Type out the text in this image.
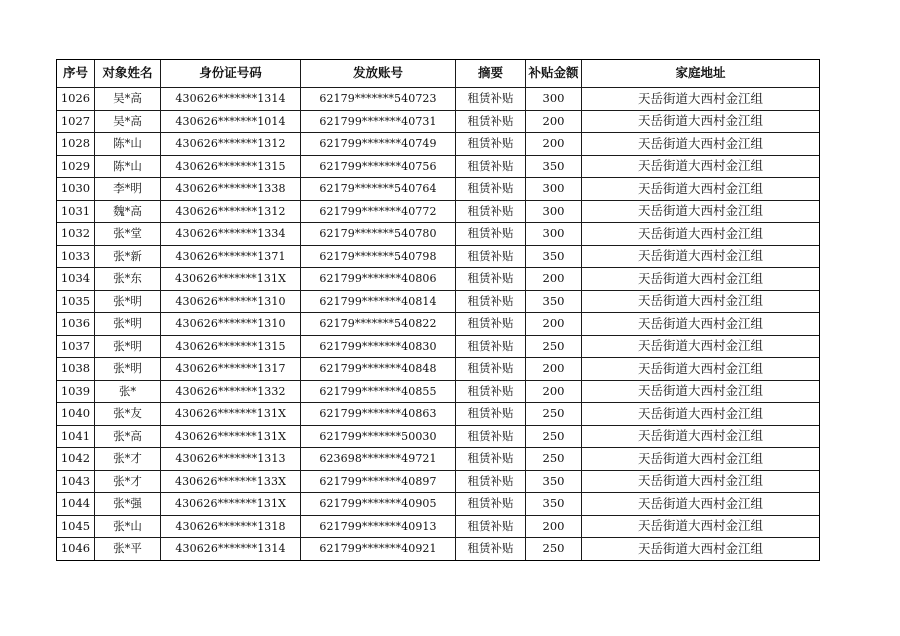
序号	对象姓名	身份证号码	发放账号	摘要	补贴金额	家庭地址
1026	吴*高	430626*******1314	62179*******540723	租赁补贴	300	天岳街道大西村金江组
1027	吴*高	430626*******1014	621799*******40731	租赁补贴	200	天岳街道大西村金江组
1028	陈*山	430626*******1312	621799*******40749	租赁补贴	200	天岳街道大西村金江组
1029	陈*山	430626*******1315	621799*******40756	租赁补贴	350	天岳街道大西村金江组
1030	李*明	430626*******1338	62179*******540764	租赁补贴	300	天岳街道大西村金江组
1031	魏*高	430626*******1312	621799*******40772	租赁补贴	300	天岳街道大西村金江组
1032	张*堂	430626*******1334	62179*******540780	租赁补贴	300	天岳街道大西村金江组
1033	张*新	430626*******1371	62179*******540798	租赁补贴	350	天岳街道大西村金江组
1034	张*东	430626*******131X	621799*******40806	租赁补贴	200	天岳街道大西村金江组
1035	张*明	430626*******1310	621799*******40814	租赁补贴	350	天岳街道大西村金江组
1036	张*明	430626*******1310	62179*******540822	租赁补贴	200	天岳街道大西村金江组
1037	张*明	430626*******1315	621799*******40830	租赁补贴	250	天岳街道大西村金江组
1038	张*明	430626*******1317	621799*******40848	租赁补贴	200	天岳街道大西村金江组
1039	张*	430626*******1332	621799*******40855	租赁补贴	200	天岳街道大西村金江组
1040	张*友	430626*******131X	621799*******40863	租赁补贴	250	天岳街道大西村金江组
1041	张*高	430626*******131X	621799*******50030	租赁补贴	250	天岳街道大西村金江组
1042	张*才	430626*******1313	623698*******49721	租赁补贴	250	天岳街道大西村金江组
1043	张*才	430626*******133X	621799*******40897	租赁补贴	350	天岳街道大西村金江组
1044	张*强	430626*******131X	621799*******40905	租赁补贴	350	天岳街道大西村金江组
1045	张*山	430626*******1318	621799*******40913	租赁补贴	200	天岳街道大西村金江组
1046	张*平	430626*******1314	621799*******40921	租赁补贴	250	天岳街道大西村金江组
